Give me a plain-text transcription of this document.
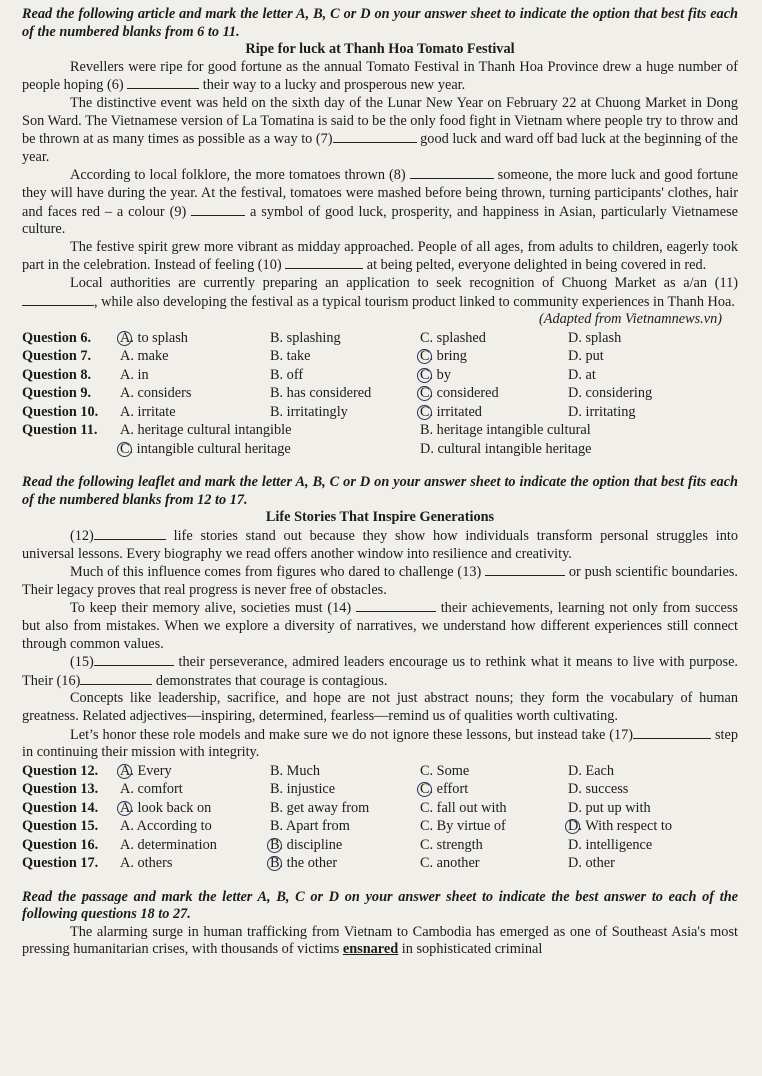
Read the following article and mark the letter A, B, C or D on your answer sheet to indicate the option that best fits each of the numbered blanks from 6 to 11.
Ripe for luck at Thanh Hoa Tomato Festival
Revellers were ripe for good fortune as the annual Tomato Festival in Thanh Hoa Province drew a huge number of people hoping (6)	their way to a lucky and prosperous new year.
The distinctive event was held on the sixth day of the Lunar New Year on February 22 at Chuong Market in Dong Son Ward. The Vietnamese version of La Tomatina is said to be the only food fight in Vietnam where people try to throw and be thrown at as many times as possible as a way to (7)	good luck and ward off bad luck at the beginning of the year.
According to local folklore, the more tomatoes thrown (8)	someone, the more luck and good fortune they will have during the year. At the festival, tomatoes were mashed before being thrown, turning participants' clothes, hair and faces red – a colour (9)	a symbol of good luck, prosperity, and happiness in Asian, particularly Vietnamese culture.
The festive spirit grew more vibrant as midday approached. People of all ages, from adults to children, eagerly took part in the celebration. Instead of feeling (10)	at being pelted, everyone delighted in being covered in red.
Local authorities are currently preparing an application to seek recognition of Chuong Market as a/an (11), while also developing the festival as a typical tourism product linked to community experiences in Thanh Hoa.
(Adapted from Vietnamnews.vn)
Question 6.	A. to splash	B. splashing	C. splashed	D. splash
Question 7.	A. make	B. take	C. bring	D. put
Question 8.	A. in	B. off	C. by	D. at
Question 9.	A. considers	B. has considered	C. considered	D. considering
Question 10.	A. irritate	B. irritatingly	C. irritated	D. irritating
Question 11.	A. heritage cultural intangible	B. heritage intangible cultural
C. intangible cultural heritage	D. cultural intangible heritage
Read the following leaflet and mark the letter A, B, C or D on your answer sheet to indicate the option that best fits each of the numbered blanks from 12 to 17.
Life Stories That Inspire Generations
(12)	life stories stand out because they show how individuals transform personal struggles into universal lessons. Every biography we read offers another window into resilience and creativity.
Much of this influence comes from figures who dared to challenge (13)	or push scientific boundaries. Their legacy proves that real progress is never free of obstacles.
To keep their memory alive, societies must (14)	their achievements, learning not only from success but also from mistakes. When we explore a diversity of narratives, we understand how different experiences still connect through common values.
(15)	their perseverance, admired leaders encourage us to rethink what it means to live with purpose. Their (16)	demonstrates that courage is contagious.
Concepts like leadership, sacrifice, and hope are not just abstract nouns; they form the vocabulary of human greatness. Related adjectives—inspiring, determined, fearless—remind us of qualities worth cultivating.
Let’s honor these role models and make sure we do not ignore these lessons, but instead take (17)	step in continuing their mission with integrity.
Question 12.	A. Every	B. Much	C. Some	D. Each
Question 13.	A. comfort	B. injustice	C. effort	D. success
Question 14.	A. look back on	B. get away from	C. fall out with	D. put up with
Question 15.	A. According to	B. Apart from	C. By virtue of	D. With respect to
Question 16.	A. determination	B. discipline	C. strength	D. intelligence
Question 17.	A. others	B. the other	C. another	D. other
Read the passage and mark the letter A, B, C or D on your answer sheet to indicate the best answer to each of the following questions 18 to 27.
The alarming surge in human trafficking from Vietnam to Cambodia has emerged as one of Southeast Asia's most pressing humanitarian crises, with thousands of victims ensnared in sophisticated criminal
